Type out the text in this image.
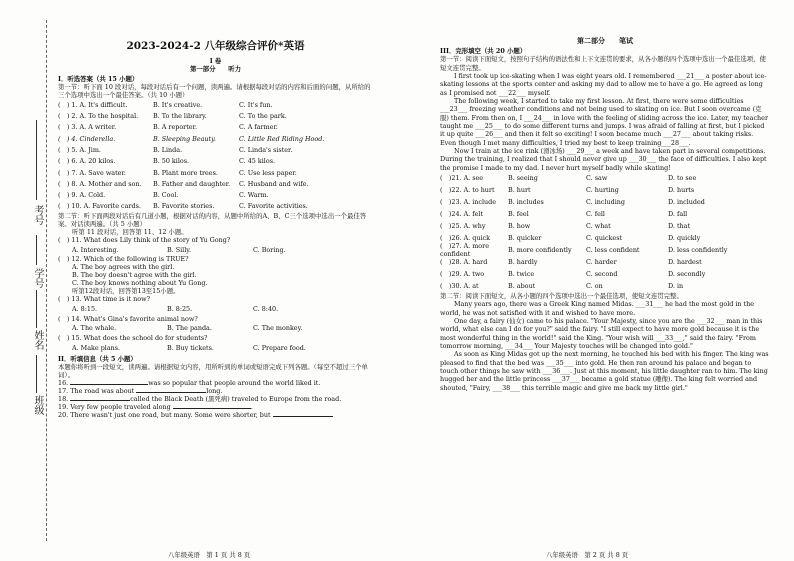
考号
学号
姓名
班级
2023-2024-2 八年级综合评价*英语
I 卷
第一部分　　听力
I．听选答案（共 15 小题）
第一节：听下面 10 段对话，每段对话后有一个问题，读两遍。请根据每段对话的内容和后面的问题，从所给的三个选项中选出一个最佳答案。（共 10 小题）
(　) 1. A. It's difficult.	B. It's creative.	C. It's fun.
(　) 2. A. To the hospital.	B. To the library.	C. To the park.
(　) 3. A. A writer.	B. A reporter.	C. A farmer.
(　) 4. Cinderella.	B. Sleeping Beauty.	C. Little Red Riding Hood.
(　) 5. A. Jim.	B. Linda.	C. Linda's sister.
(　) 6. A. 20 kilos.	B. 50 kilos.	C. 45 kilos.
(　) 7. A. Save water.	B. Plant more trees.	C. Use less paper.
(　) 8. A. Mother and son.	B. Father and daughter.	C. Husband and wife.
(　) 9. A. Cold.	B. Cool.	C. Warm.
(　) 10. A. Favorite cards.	B. Favorite stories.	C. Favorite activities.
第二节：听下面两段对话后有几道小题，根据对话的内容，从题中所给的A、B、C三个选项中选出一个最佳答案。对话读两遍。（共 5 小题）
听第 11 段对话，回答第 11、12 小题。
(　) 11. What does Lily think of the story of Yu Gong?
A. Interesting.	B. Silly.	C. Boring.
(　) 12. Which of the following is TRUE?
A. The boy agrees with the girl.
B. The boy doesn't agree with the girl.
C. The boy knows nothing about Yu Gong.
听第12段对话，回答第13至15小题。
(　) 13. What time is it now?
A. 8:15.	B. 8:25.	C. 8:40.
(　) 14. What's Gina's favorite animal now?
A. The whale.	B. The panda.	C. The monkey.
(　) 15. What does the school do for students?
A. Make plans.	B. Buy tickets.	C. Prepare food.
II．听填信息（共 5 小题）
本题你将听到一段短文，读两遍。请根据短文内容，用所听到的单词或短语完成下列各题。（每空不超过三个单词）。
16.	was so popular that people around the world liked it.
17. The road was about	long.
18.	called the Black Death (黑死病) traveled to Europe from the road.
19. Very few people traveled along	.
20. There wasn't just one road, but many. Some were shorter, but
八年级英语　第 1 页 共 8 页
第二部分　　笔试
III．完形填空（共 20 小题）
第一节：阅读下面短文，按照句子结构的语法性和上下文连贯的要求，从各小题的四个选项中选出一个最佳选项，使短文连贯完整。

I first took up ice-skating when I was eight years old. I remembered ___21___ a poster about ice-skating lessons at the sports center and asking my dad to allow me to have a go. He agreed as long as I promised not ___22___ myself.

The following week, I started to take my first lesson. At first, there were some difficulties ___23___ freezing weather conditions and not being used to skating on ice. But I soon overcame (克服) them. From then on, I ___24___ in love with the feeling of sliding across the ice. Later, my teacher taught me ___25___ to do some different turns and jumps. I was afraid of falling at first, but I picked it up quite ___26___ and then it felt so exciting! I soon became much ___27___ about taking risks. Even though I met many difficulties, I tried my best to keep training___28___.

Now I train at the ice rink (滑冰场) ___29___ a week and have taken part in several competitions. During the training, I realized that I should never give up ___30___ the face of difficulties. I also kept the promise I made to my dad. I never hurt myself badly while skating!

(　)21. A. see	B. seeing	C. saw	D. to see
(　)22. A. to hurt	B. hurt	C. hurting	D. hurts
(　)23. A. include	B. includes	C. including	D. included
(　)24. A. felt	B. feel	C. fell	D. fall
(　)25. A. why	B. how	C. what	D. that
(　)26. A. quick	B. quicker	C. quickest	D. quickly
(　)27. A. more confident
B. more confidently	C. less confident	D. less confidently
(　)28. A. hard	B. hardly	C. harder	D. hardest
(　)29. A. two	B. twice	C. second	D. secondly
(　)30. A. at	B. about	C. on	D. in
第二节：阅读下面短文，从各小题的四个选项中选出一个最佳选项，使短文连贯完整。

Many years ago, there was a Greek King named Midas. ___31___ he had the most gold in the world, he was not satisfied with it and wished to have more.

One day, a fairy (仙女) came to his palace. "Your Majesty, since you are the ___32___ man in this world, what else can I do for you?" said the fairy. "I still expect to have more gold because it is the most wonderful thing in the world!" said the King. "Your wish will ___33___," said the fairy. "From tomorrow morning, ___34___ Your Majesty touches will be changed into gold."

As soon as King Midas got up the next morning, he touched his bed with his finger. The king was pleased to find that the bed was ___35___ into gold. He then ran around his palace and began to touch other things he saw with ___36___. Just at this moment, his little daughter ran to him. The king hugged her and the little princess ___37___ became a gold statue (雕像). The king felt worried and shouted, "Fairy, ___38___ this terrible magic and give me back my little girl."

八年级英语　第 2 页 共 8 页
